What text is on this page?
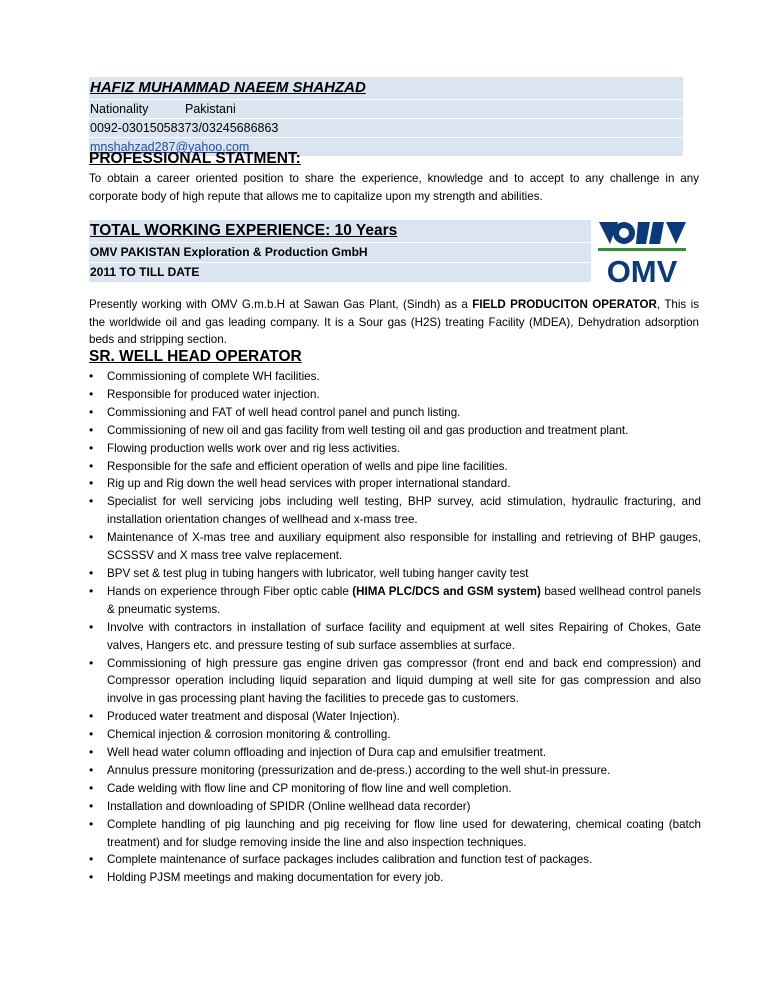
HAFIZ MUHAMMAD NAEEM SHAHZAD
Nationality	Pakistani
0092-03015058373/03245686863
mnshahzad287@yahoo.com
PROFESSIONAL STATMENT:
To obtain a career oriented position to share the experience, knowledge and to accept to any challenge in any corporate body of high repute that allows me to capitalize upon my strength and abilities.
TOTAL WORKING EXPERIENCE: 10 Years
OMV PAKISTAN Exploration & Production GmbH
2011 TO TILL DATE	OMV
Presently working with OMV G.m.b.H at Sawan Gas Plant, (Sindh) as a FIELD PRODUCITON OPERATOR, This is the worldwide oil and gas leading company. It is a Sour gas (H2S) treating Facility (MDEA), Dehydration adsorption beds and stripping section.
SR. WELL HEAD OPERATOR
• Commissioning of complete WH facilities.
• Responsible for produced water injection.
• Commissioning and FAT of well head control panel and punch listing.
• Commissioning of new oil and gas facility from well testing oil and gas production and treatment plant.
• Flowing production wells work over and rig less activities.
• Responsible for the safe and efficient operation of wells and pipe line facilities.
• Rig up and Rig down the well head services with proper international standard.
• Specialist for well servicing jobs including well testing, BHP survey, acid stimulation, hydraulic fracturing, and installation orientation changes of wellhead and x-mass tree.
• Maintenance of X-mas tree and auxiliary equipment also responsible for installing and retrieving of BHP gauges, SCSSSV and X mass tree valve replacement.
• BPV set & test plug in tubing hangers with lubricator, well tubing hanger cavity test
• Hands on experience through Fiber optic cable (HIMA PLC/DCS and GSM system) based wellhead control panels & pneumatic systems.
• Involve with contractors in installation of surface facility and equipment at well sites Repairing of Chokes, Gate valves, Hangers etc. and pressure testing of sub surface assemblies at surface.
• Commissioning of high pressure gas engine driven gas compressor (front end and back end compression) and Compressor operation including liquid separation and liquid dumping at well site for gas compression and also involve in gas processing plant having the facilities to precede gas to customers.
• Produced water treatment and disposal (Water Injection).
• Chemical injection & corrosion monitoring & controlling.
• Well head water column offloading and injection of Dura cap and emulsifier treatment.
• Annulus pressure monitoring (pressurization and de-press.) according to the well shut-in pressure.
• Cade welding with flow line and CP monitoring of flow line and well completion.
• Installation and downloading of SPIDR (Online wellhead data recorder)
• Complete handling of pig launching and pig receiving for flow line used for dewatering, chemical coating (batch treatment) and for sludge removing inside the line and also inspection techniques.
• Complete maintenance of surface packages includes calibration and function test of packages.
• Holding PJSM meetings and making documentation for every job.
